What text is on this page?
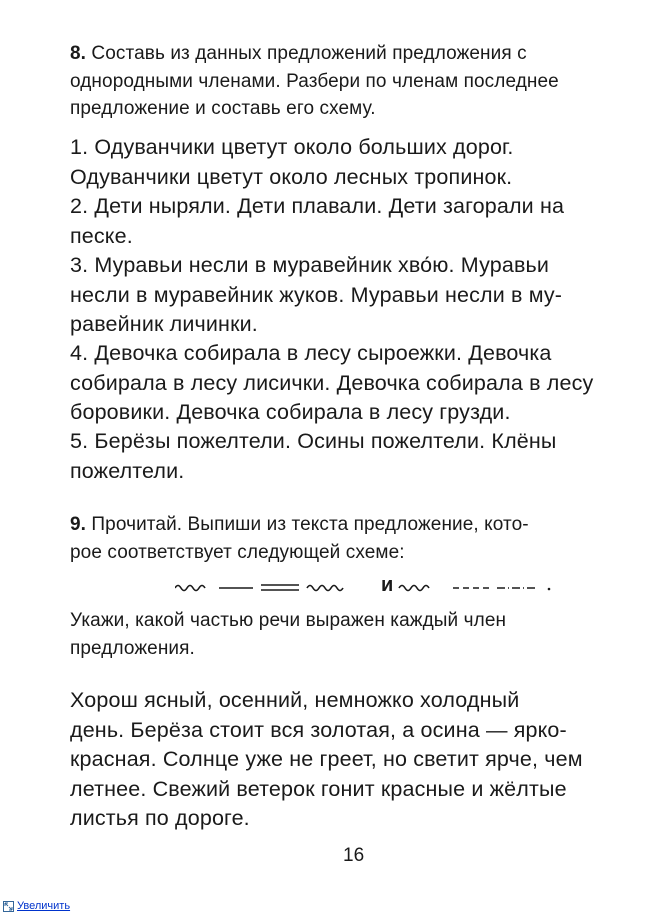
8. Составь из данных предложений предложения с
однородными членами. Разбери по членам последнее
предложение и составь его схему.

1. Одуванчики цветут около больших дорог.
Одуванчики цветут около лесных тропинок.

2. Дети ныряли. Дети плавали. Дети загорали на
песке.

3. Муравьи несли в муравейник хво́ю. Муравьи
несли в муравейник жуков. Муравьи несли в му-
равейник личинки.

4. Девочка собирала в лесу сыроежки. Девочка
собирала в лесу лисички. Девочка собирала в лесу
боровики. Девочка собирала в лесу грузди.

5. Берёзы пожелтели. Осины пожелтели. Клёны
пожелтели.

9. Прочитай. Выпиши из текста предложение, кото-
рое соответствует следующей схеме:

и

Укажи, какой частью речи выражен каждый член
предложения.

Хорош ясный, осенний, немножко холодный
день. Берёза стоит вся золотая, а осина — ярко-
красная. Солнце уже не греет, но светит ярче, чем
летнее. Свежий ветерок гонит красные и жёлтые
листья по дороге.

16
Увеличить
